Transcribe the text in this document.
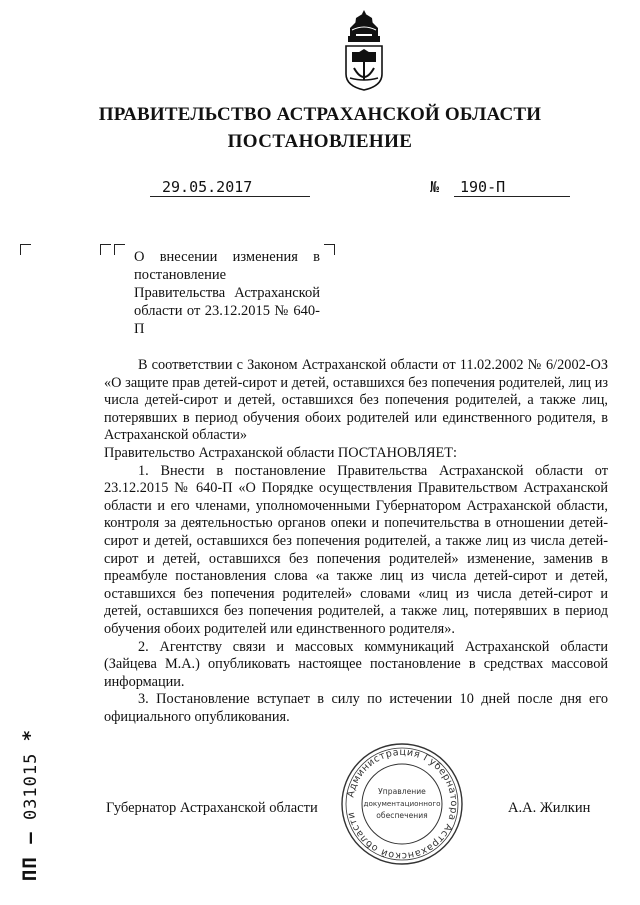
ПРАВИТЕЛЬСТВО АСТРАХАНСКОЙ ОБЛАСТИ
ПОСТАНОВЛЕНИЕ
29.05.2017	№	190-П
О внесении изменения в постановление Правительства Астраханской области от 23.12.2015 № 640-П

В соответствии с Законом Астраханской области от 11.02.2002 № 6/2002-ОЗ «О защите прав детей-сирот и детей, оставшихся без попечения родителей, лиц из числа детей-сирот и детей, оставшихся без попечения родителей, а также лиц, потерявших в период обучения обоих родителей или единственного родителя, в Астраханской области»

Правительство Астраханской области ПОСТАНОВЛЯЕТ:

1. Внести в постановление Правительства Астраханской области от 23.12.2015 № 640-П «О Порядке осуществления Правительством Астраханской области и его членами, уполномоченными Губернатором Астраханской области, контроля за деятельностью органов опеки и попечительства в отношении детей-сирот и детей, оставшихся без попечения родителей, а также лиц из числа детей-сирот и детей, оставшихся без попечения родителей» изменение, заменив в преамбуле постановления слова «а также лиц из числа детей-сирот и детей, оставшихся без попечения родителей» словами «лиц из числа детей-сирот и детей, оставшихся без попечения родителей, а также лиц, потерявших в период обучения обоих родителей или единственного родителя».

2. Агентству связи и массовых коммуникаций Астраханской области (Зайцева М.А.) опубликовать настоящее постановление в средствах массовой информации.

3. Постановление вступает в силу по истечении 10 дней после дня его официального опубликования.

Губернатор Астраханской области	А.А. Жилкин
Администрация Губернатора Астраханской области
Управление
документационного
обеспечения
ПП – 031015 *
